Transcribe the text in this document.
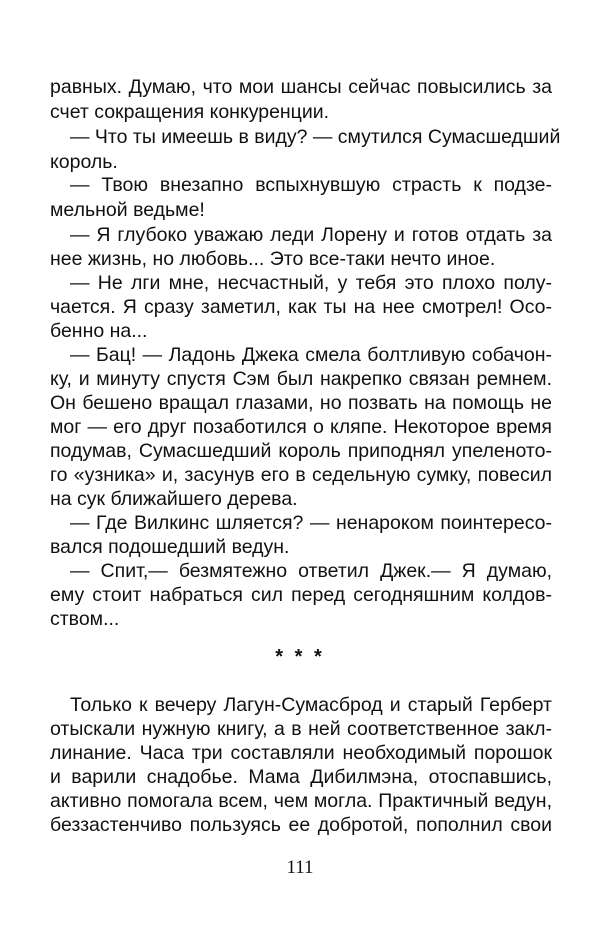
равных. Думаю, что мои шансы сейчас повысились за
счет сокращения конкуренции.
— Что ты имеешь в виду? — смутился Сумасшедший
король.
— Твою внезапно вспыхнувшую страсть к подзе-
мельной ведьме!
— Я глубоко уважаю леди Лорену и готов отдать за
нее жизнь, но любовь... Это все-таки нечто иное.
— Не лги мне, несчастный, у тебя это плохо полу-
чается. Я сразу заметил, как ты на нее смотрел! Осо-
бенно на...
— Бац! — Ладонь Джека смела болтливую собачон-
ку, и минуту спустя Сэм был накрепко связан ремнем.
Он бешено вращал глазами, но позвать на помощь не
мог — его друг позаботился о кляпе. Некоторое время
подумав, Сумасшедший король приподнял упеленото-
го «узника» и, засунув его в седельную сумку, повесил
на сук ближайшего дерева.
— Где Вилкинс шляется? — ненароком поинтересо-
вался подошедший ведун.
— Спит,— безмятежно ответил Джек.— Я думаю,
ему стоит набраться сил перед сегодняшним колдов-
ством...
* * *
Только к вечеру Лагун-Сумасброд и старый Герберт
отыскали нужную книгу, а в ней соответственное закл-
линание. Часа три составляли необходимый порошок
и варили снадобье. Мама Дибилмэна, отоспавшись,
активно помогала всем, чем могла. Практичный ведун,
беззастенчиво пользуясь ее добротой, пополнил свои
111
